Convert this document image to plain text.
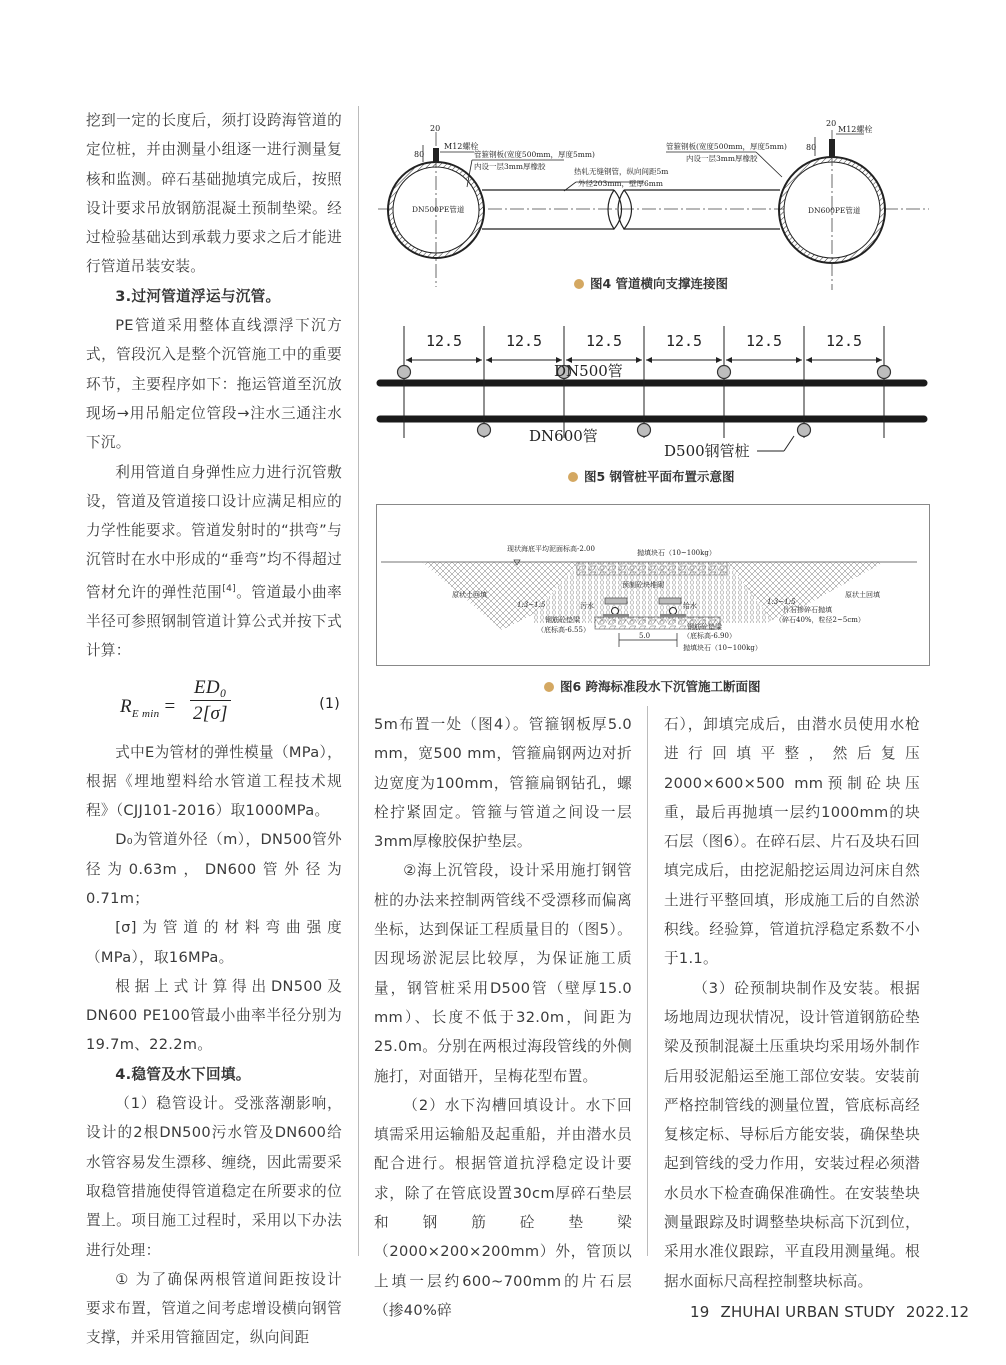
挖到一定的长度后，须打设跨海管道的定位桩，并由测量小组逐一进行测量复核和监测。碎石基础抛填完成后，按照设计要求吊放钢筋混凝土预制垫梁。经过检验基础达到承载力要求之后才能进行管道吊装安装。

3.过河管道浮运与沉管。

PE管道采用整体直线漂浮下沉方式，管段沉入是整个沉管施工中的重要环节，主要程序如下：拖运管道至沉放现场→用吊船定位管段→注水三通注水下沉。

利用管道自身弹性应力进行沉管敷设，管道及管道接口设计应满足相应的力学性能要求。管道发射时的“拱弯”与沉管时在水中形成的“垂弯”均不得超过管材允许的弹性范围[4]。管道最小曲率半径可参照钢制管道计算公式并按下式计算：

$R_{E min} = \frac{\text{ED₀}}{2[\sigma]}$	(1)

式中E为管材的弹性模量（MPa），根据《埋地塑料给水管道工程技术规程》（CJJ101-2016）取1000MPa。

D₀为管道外径（m），DN500管外径为0.63m，DN600管外径为0.71m；

[σ]为管道的材料弯曲强度（MPa），取16MPa。

根据上式计算得出DN500及DN600 PE100管最小曲率半径分别为19.7m、22.2m。

4.稳管及水下回填。

（1）稳管设计。受涨落潮影响，设计的2根DN500污水管及DN600给水管容易发生漂移、缠绕，因此需要采取稳管措施使得管道稳定在所要求的位置上。项目施工过程时，采用以下办法进行处理：

① 为了确保两根管道间距按设计要求布置，管道之间考虑增设横向钢管支撑，并采用管箍固定，纵向间距

20
80
M12螺栓
管箍钢板(宽度500mm，厚度5mm)
内设一层3mm厚橡胶
热轧无缝钢管，纵向间距5m
外径203mm，壁厚6mm
DN500PE管道
20
80
M12螺栓
管箍钢板(宽度500mm，厚度5mm)
内设一层3mm厚橡胶
DN600PE管道
图4 管道横向支撑连接图
12.5	12.5	12.5	12.5	12.5	12.5
DN500管
DN600管
D500钢管桩
图5 钢管桩平面布置示意图
现状海底平均泥面标高-2.00	抛填块石（10~100kg）
预制砼块堆砌
原状土回填	原状土回填
1:3~1:5	1:3~1:5
污水	给水	片石掺碎石抛填
（碎石40%，粒径2~5cm）
钢筋砼垫梁
（底标高-6.55）	钢筋砼垫梁
（底标高-6.90）
5.0
抛填块石（10~100kg）
图6 跨海标准段水下沉管施工断面图

5m布置一处（图4）。管箍钢板厚5.0 mm，宽500 mm，管箍扁钢两边对折边宽度为100mm，管箍扁钢钻孔，螺栓拧紧固定。管箍与管道之间设一层3mm厚橡胶保护垫层。

②海上沉管段，设计采用施打钢管桩的办法来控制两管线不受漂移而偏离坐标，达到保证工程质量目的（图5）。因现场淤泥层比较厚，为保证施工质量，钢管桩采用D500管（壁厚15.0 mm）、长度不低于32.0m，间距为25.0m。分别在两根过海段管线的外侧施打，对面错开，呈梅花型布置。

（2）水下沟槽回填设计。水下回填需采用运输船及起重船，并由潜水员配合进行。根据管道抗浮稳定设计要求，除了在管底设置30cm厚碎石垫层和钢筋砼垫梁（2000×200×200mm）外，管顶以上填一层约600~700mm的片石层（掺40%碎

石），卸填完成后，由潜水员使用水枪进行回填平整，然后复压2000×600×500 mm预制砼块压重，最后再抛填一层约1000mm的块石层（图6）。在碎石层、片石及块石回填完成后，由挖泥船挖运周边河床自然土进行平整回填，形成施工后的自然淤积线。经验算，管道抗浮稳定系数不小于1.1。

（3）砼预制块制作及安装。根据场地周边现状情况，设计管道钢筋砼垫梁及预制混凝土压重块均采用场外制作后用驳泥船运至施工部位安装。安装前严格控制管线的测量位置，管底标高经复核定标、导标后方能安装，确保垫块起到管线的受力作用，安装过程必须潜水员水下检查确保准确性。在安装垫块测量跟踪及时调整垫块标高下沉到位，采用水准仪跟踪，平直段用测量绳。根据水面标尺高程控制整块标高。

19 ZHUHAI URBAN STUDY 2022.12
